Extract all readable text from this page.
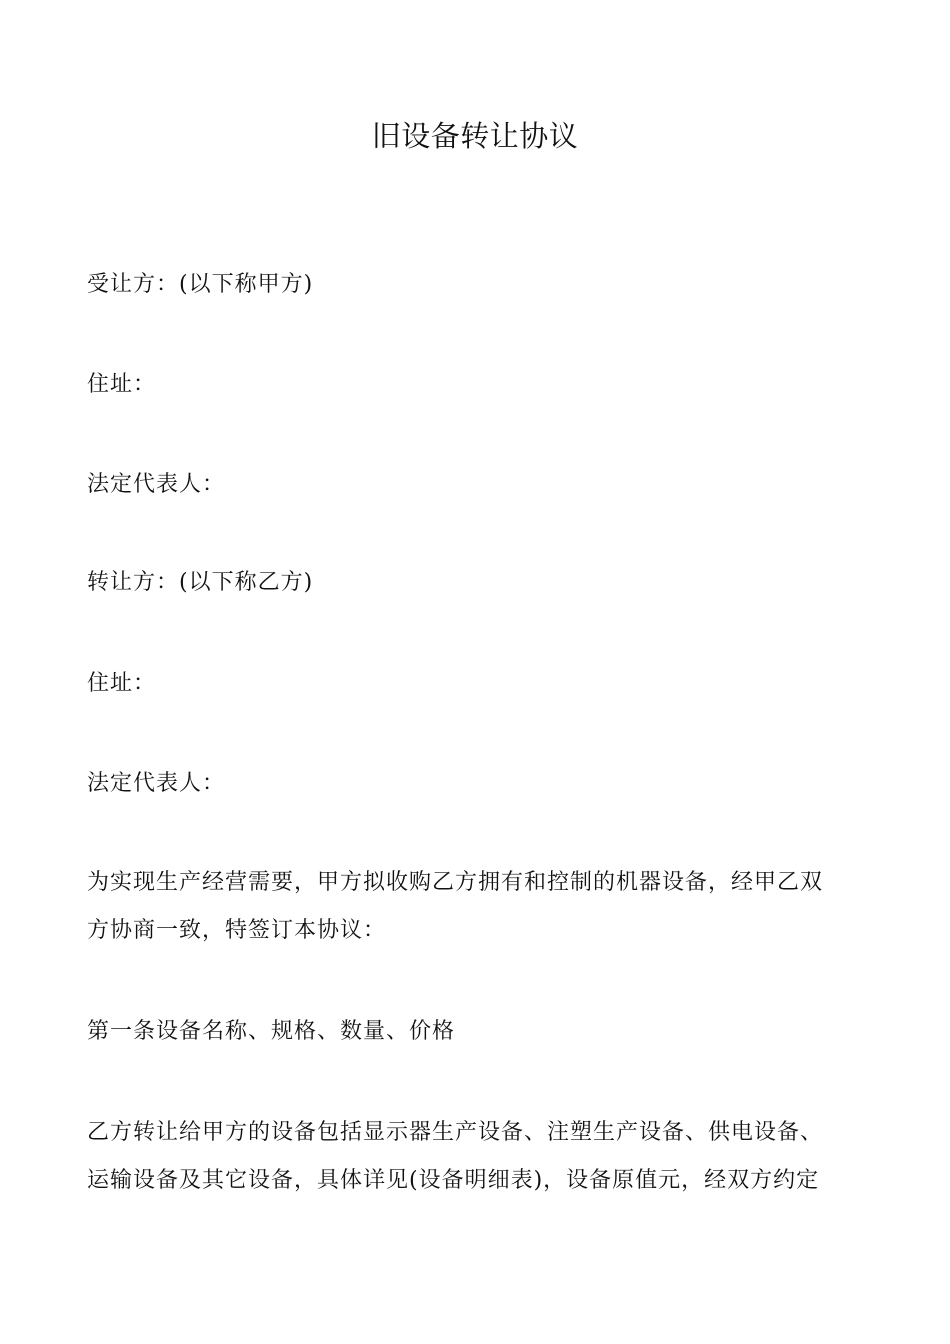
旧设备转让协议

受让方：(以下称甲方)

住址：

法定代表人：

转让方：(以下称乙方)

住址：

法定代表人：

为实现生产经营需要，甲方拟收购乙方拥有和控制的机器设备，经甲乙双
方协商一致，特签订本协议：

第一条设备名称、规格、数量、价格

乙方转让给甲方的设备包括显示器生产设备、注塑生产设备、供电设备、
运输设备及其它设备，具体详见(设备明细表)，设备原值元，经双方约定
